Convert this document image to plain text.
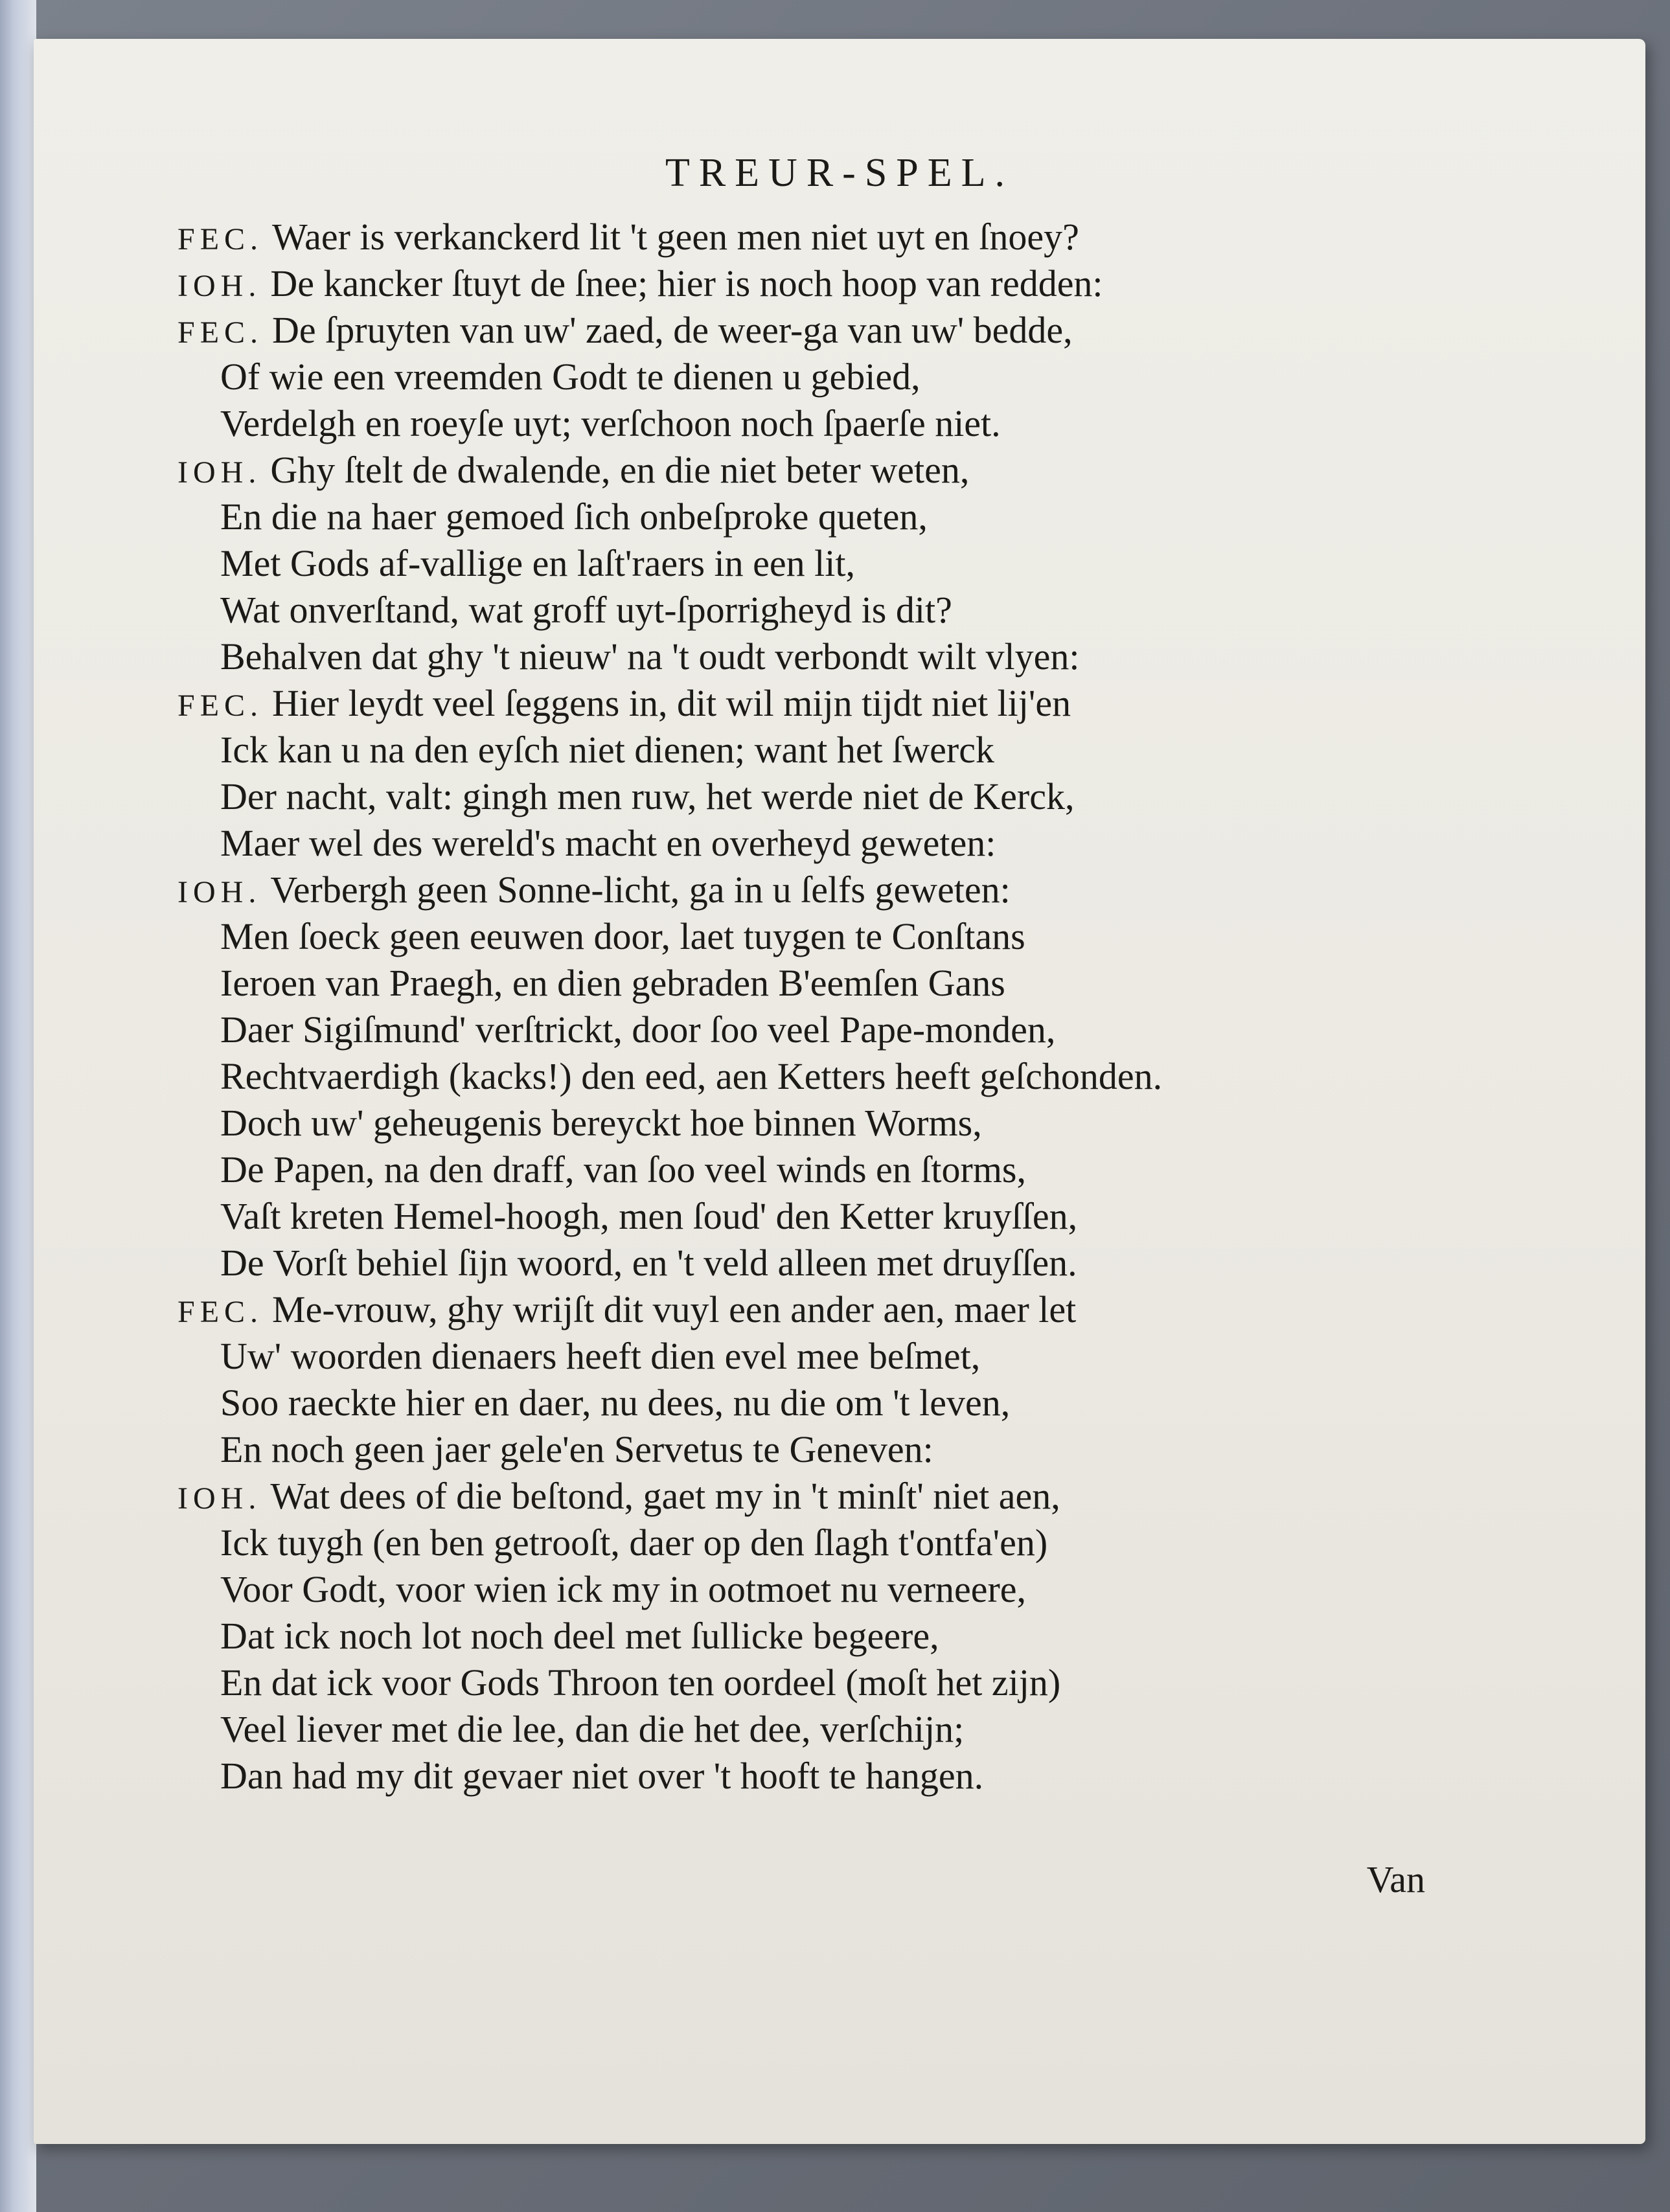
TREUR-SPEL.
FEC. Waer is verkanckerd lit 't geen men niet uyt en ſnoey?
IOH. De kancker ſtuyt de ſnee; hier is noch hoop van redden:
FEC. De ſpruyten van uw' zaed, de weer-ga van uw' bedde,
Of wie een vreemden Godt te dienen u gebied,
Verdelgh en roeyſe uyt; verſchoon noch ſpaerſe niet.
IOH. Ghy ſtelt de dwalende, en die niet beter weten,
En die na haer gemoed ſich onbeſproke queten,
Met Gods af-vallige en laſt'raers in een lit,
Wat onverſtand, wat groff uyt-ſporrigheyd is dit?
Behalven dat ghy 't nieuw' na 't oudt verbondt wilt vlyen:
FEC. Hier leydt veel ſeggens in, dit wil mijn tijdt niet lij'en
Ick kan u na den eyſch niet dienen; want het ſwerck
Der nacht, valt: gingh men ruw, het werde niet de Kerck,
Maer wel des wereld's macht en overheyd geweten:
IOH. Verbergh geen Sonne-licht, ga in u ſelfs geweten:
Men ſoeck geen eeuwen door, laet tuygen te Conſtans
Ieroen van Praegh, en dien gebraden B'eemſen Gans
Daer Sigiſmund' verſtrickt, door ſoo veel Pape-monden,
Rechtvaerdigh (kacks!) den eed, aen Ketters heeft geſchonden.
Doch uw' geheugenis bereyckt hoe binnen Worms,
De Papen, na den draff, van ſoo veel winds en ſtorms,
Vaſt kreten Hemel-hoogh, men ſoud' den Ketter kruyſſen,
De Vorſt behiel ſijn woord, en 't veld alleen met druyſſen.
FEC. Me-vrouw, ghy wrijſt dit vuyl een ander aen, maer let
Uw' woorden dienaers heeft dien evel mee beſmet,
Soo raeckte hier en daer, nu dees, nu die om 't leven,
En noch geen jaer gele'en Servetus te Geneven:
IOH. Wat dees of die beſtond, gaet my in 't minſt' niet aen,
Ick tuygh (en ben getrooſt, daer op den ſlagh t'ontfa'en)
Voor Godt, voor wien ick my in ootmoet nu verneere,
Dat ick noch lot noch deel met ſullicke begeere,
En dat ick voor Gods Throon ten oordeel (moſt het zijn)
Veel liever met die lee, dan die het dee, verſchijn;
Dan had my dit gevaer niet over 't hooft te hangen.
Van
